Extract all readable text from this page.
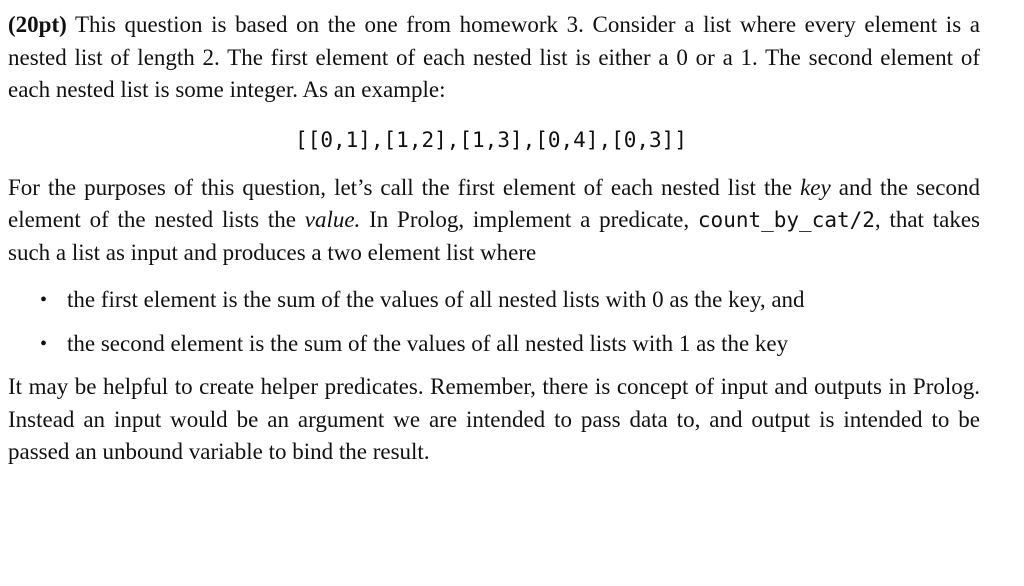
(20pt) This question is based on the one from homework 3. Consider a list where every element is a nested list of length 2. The first element of each nested list is either a 0 or a 1. The second element of each nested list is some integer. As an example:

[[0,1],[1,2],[1,3],[0,4],[0,3]]

For the purposes of this question, let’s call the first element of each nested list the key and the second element of the nested lists the value. In Prolog, implement a predicate, count_by_cat/2, that takes such a list as input and produces a two element list where

• the first element is the sum of the values of all nested lists with 0 as the key, and
• the second element is the sum of the values of all nested lists with 1 as the key

It may be helpful to create helper predicates. Remember, there is concept of input and outputs in Prolog. Instead an input would be an argument we are intended to pass data to, and output is intended to be passed an unbound variable to bind the result.
